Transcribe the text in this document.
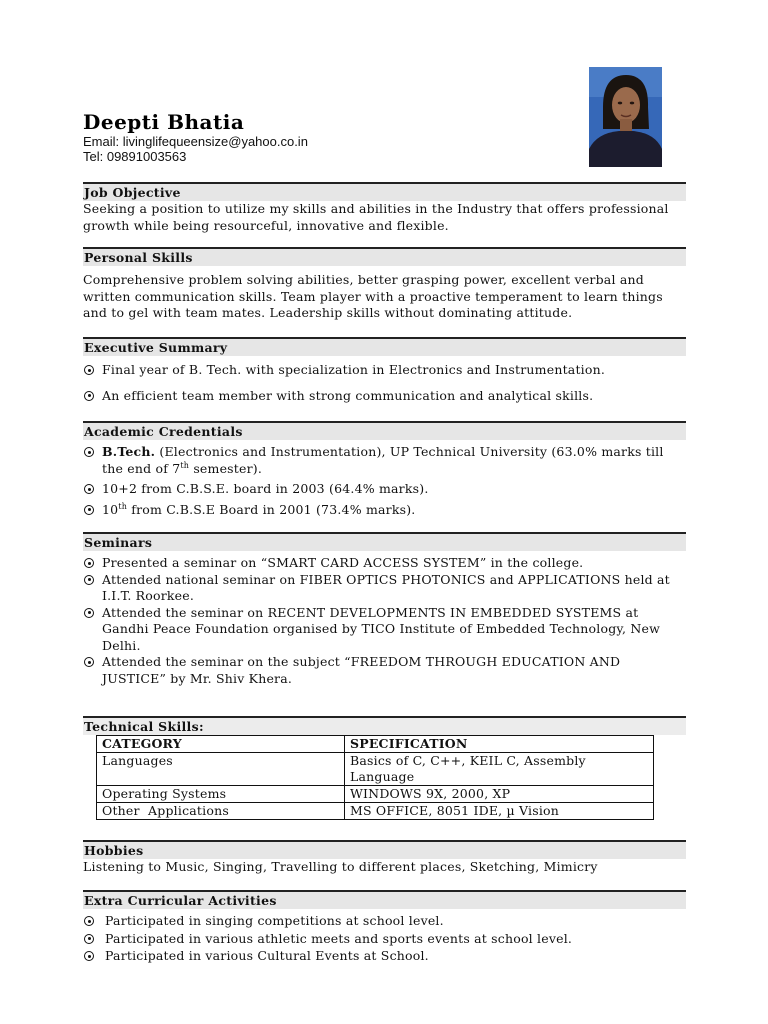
Deepti Bhatia
Email: livinglifequeensize@yahoo.co.in
Tel: 09891003563
Job Objective

Seeking a position to utilize my skills and abilities in the Industry that offers professional growth while being resourceful, innovative and flexible.

Personal Skills

Comprehensive problem solving abilities, better grasping power, excellent verbal and written communication skills. Team player with a proactive temperament to learn things and to gel with team mates. Leadership skills without dominating attitude.

Executive Summary
Final year of B. Tech. with specialization in Electronics and Instrumentation.
An efficient team member with strong communication and analytical skills.
Academic Credentials
B.Tech. (Electronics and Instrumentation), UP Technical University (63.0% marks till the end of 7th semester).
10+2 from C.B.S.E. board in 2003 (64.4% marks).
10th from C.B.S.E Board in 2001 (73.4% marks).
Seminars
Presented a seminar on “SMART CARD ACCESS SYSTEM” in the college.
Attended national seminar on FIBER OPTICS PHOTONICS and APPLICATIONS held at I.I.T. Roorkee.
Attended the seminar on RECENT DEVELOPMENTS IN EMBEDDED SYSTEMS at Gandhi Peace Foundation organised by TICO Institute of Embedded Technology, New Delhi.
Attended the seminar on the subject “FREEDOM THROUGH EDUCATION AND JUSTICE” by Mr. Shiv Khera.
Technical Skills:
CATEGORY	SPECIFICATION
Languages	Basics of C, C++, KEIL C, Assembly Language
Operating Systems	WINDOWS 9X, 2000, XP
Other  Applications	MS OFFICE, 8051 IDE, µ Vision
Hobbies

Listening to Music, Singing, Travelling to different places, Sketching, Mimicry

Extra Curricular Activities
Participated in singing competitions at school level.
Participated in various athletic meets and sports events at school level.
Participated in various Cultural Events at School.
